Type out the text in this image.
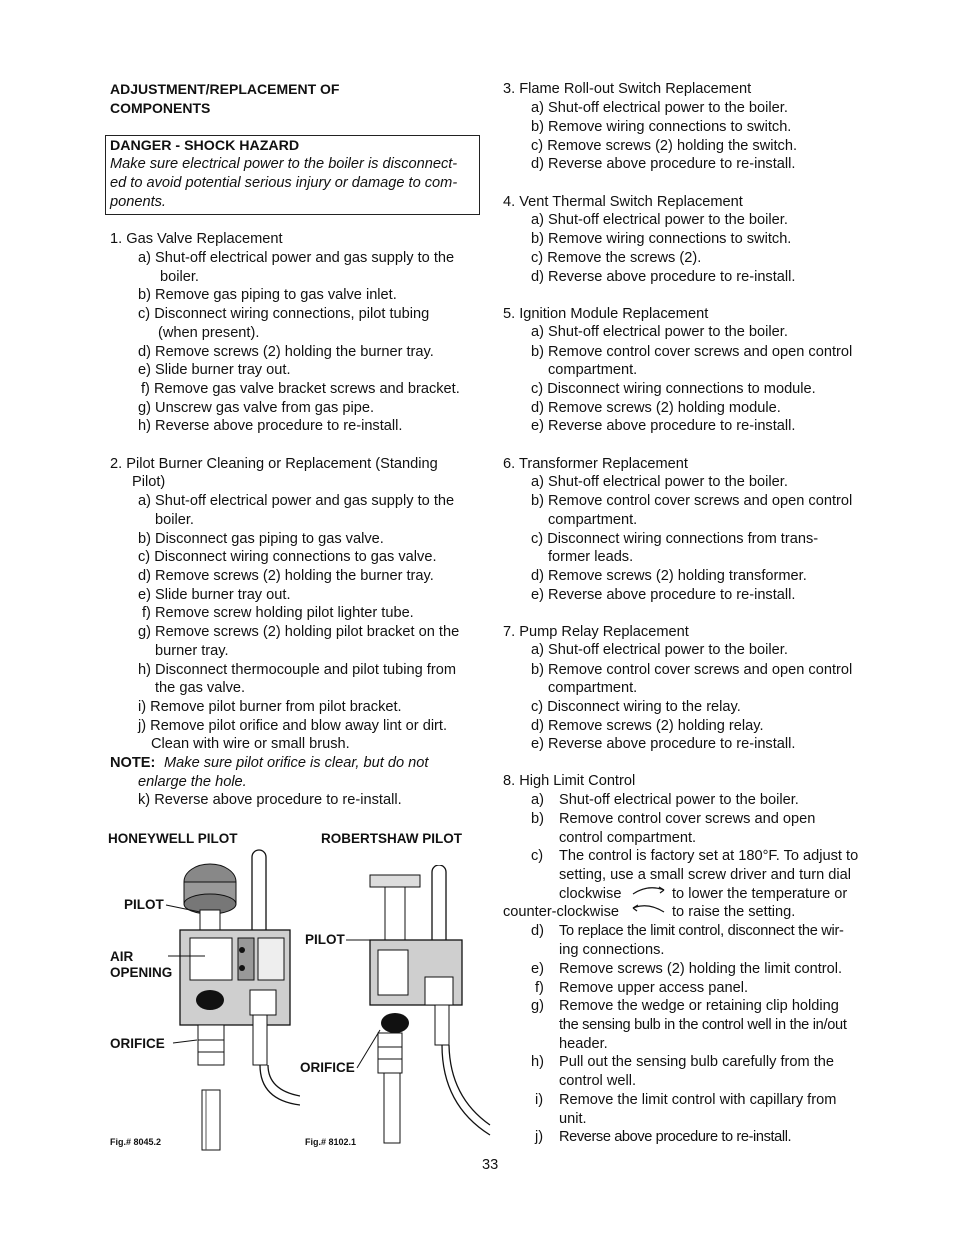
ADJUSTMENT/REPLACEMENT OF
COMPONENTS
DANGER - SHOCK HAZARD
Make sure electrical power to the boiler is disconnect-
ed to avoid potential serious injury or damage to com-
ponents.
1. Gas Valve Replacement
a) Shut-off electrical power and gas supply to the
boiler.
b) Remove gas piping to gas valve inlet.
c) Disconnect wiring connections, pilot tubing
(when present).
d) Remove screws (2) holding the burner tray.
e) Slide burner tray out.
f) Remove gas valve bracket screws and bracket.
g) Unscrew gas valve from gas pipe.
h) Reverse above procedure to re-install.
2. Pilot Burner Cleaning or Replacement (Standing
Pilot)
a) Shut-off electrical power and gas supply to the
boiler.
b) Disconnect gas piping to gas valve.
c) Disconnect wiring connections to gas valve.
d) Remove screws (2) holding the burner tray.
e) Slide burner tray out.
f) Remove screw holding pilot lighter tube.
g) Remove screws (2) holding pilot bracket on the
burner tray.
h) Disconnect thermocouple and pilot tubing from
the gas valve.
i) Remove pilot burner from pilot bracket.
j) Remove pilot orifice and blow away lint or dirt.
Clean with wire or small brush.
NOTE: Make sure pilot orifice is clear, but do not
enlarge the hole.
k) Reverse above procedure to re-install.
3. Flame Roll-out Switch Replacement
a) Shut-off electrical power to the boiler.
b) Remove wiring connections to switch.
c) Remove screws (2) holding the switch.
d) Reverse above procedure to re-install.
4. Vent Thermal Switch Replacement
a) Shut-off electrical power to the boiler.
b) Remove wiring connections to switch.
c) Remove the screws (2).
d) Reverse above procedure to re-install.
5. Ignition Module Replacement
a) Shut-off electrical power to the boiler.
b) Remove control cover screws and open control
compartment.
c) Disconnect wiring connections to module.
d) Remove screws (2) holding module.
e) Reverse above procedure to re-install.
6. Transformer Replacement
a) Shut-off electrical power to the boiler.
b) Remove control cover screws and open control
compartment.
c) Disconnect wiring connections from trans-
former leads.
d) Remove screws (2) holding transformer.
e) Reverse above procedure to re-install.
7. Pump Relay Replacement
a) Shut-off electrical power to the boiler.
b) Remove control cover screws and open control
compartment.
c) Disconnect wiring to the relay.
d) Remove screws (2) holding relay.
e) Reverse above procedure to re-install.
8. High Limit Control
a) Shut-off electrical power to the boiler.
b) Remove control cover screws and open
control compartment.
c) The control is factory set at 180°F. To adjust to
setting, use a small screw driver and turn dial
clockwise	to lower the temperature or
counter-clockwise	to raise the setting.
d) To replace the limit control, disconnect the wir-
ing connections.
e) Remove screws (2) holding the limit control.
f) Remove upper access panel.
g) Remove the wedge or retaining clip holding
the sensing bulb in the control well in the in/out
header.
h) Pull out the sensing bulb carefully from the
control well.
i) Remove the limit control with capillary from
unit.
j) Reverse above procedure to re-install.
HONEYWELL PILOT	ROBERTSHAW PILOT
PILOT
AIR
OPENING
ORIFICE
PILOT
ORIFICE
Fig.# 8045.2	Fig.# 8102.1
33
